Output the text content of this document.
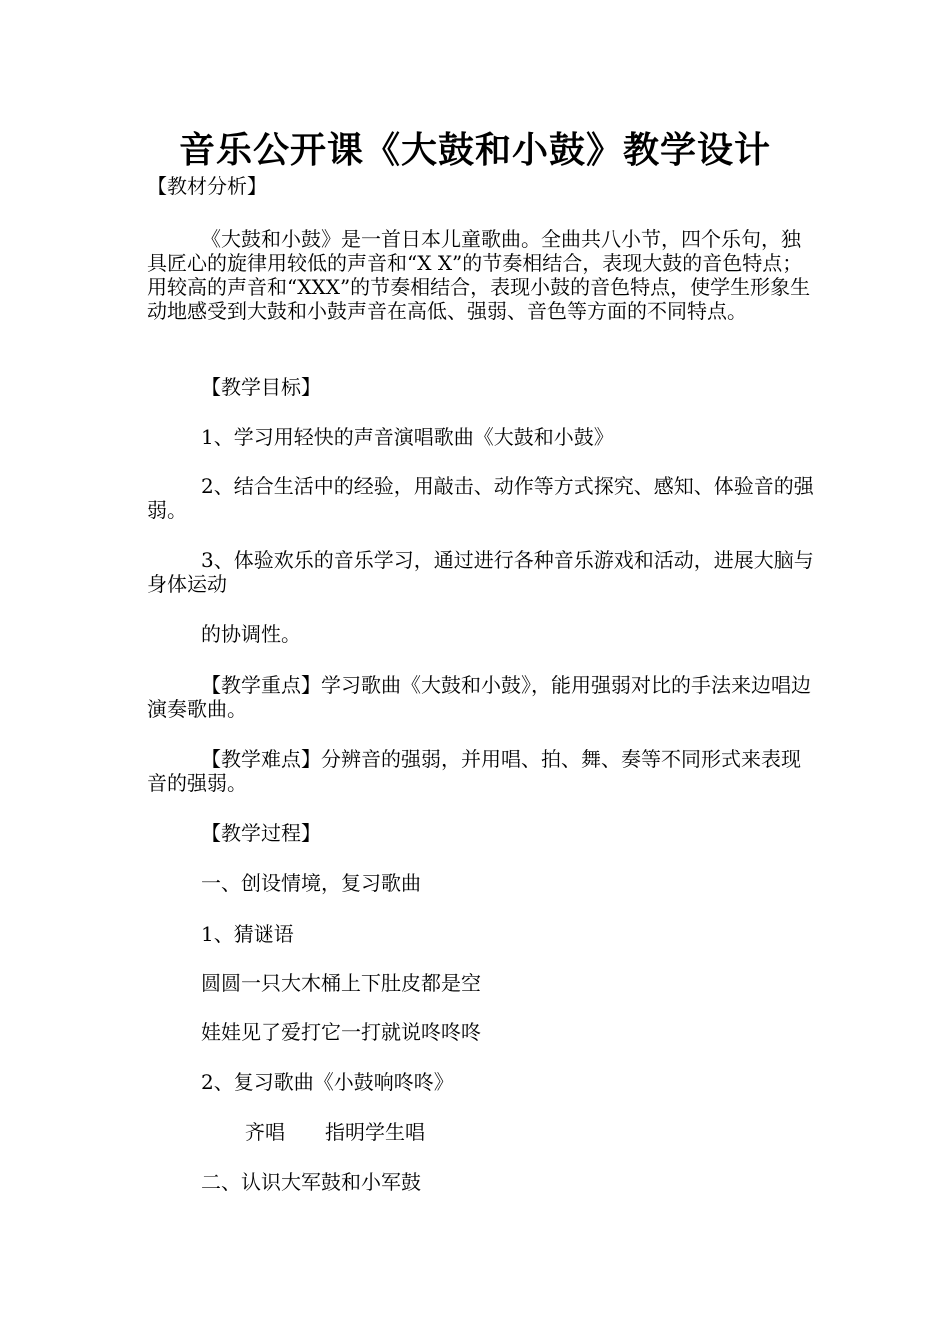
音乐公开课《大鼓和小鼓》教学设计

【教材分析】

《大鼓和小鼓》是一首日本儿童歌曲。全曲共八小节，四个乐句，独具匠心的旋律用较低的声音和“X X”的节奏相结合，表现大鼓的音色特点；用较高的声音和“XXX”的节奏相结合，表现小鼓的音色特点，使学生形象生动地感受到大鼓和小鼓声音在高低、强弱、音色等方面的不同特点。

【教学目标】

1、学习用轻快的声音演唱歌曲《大鼓和小鼓》

2、结合生活中的经验，用敲击、动作等方式探究、感知、体验音的强弱。

3、体验欢乐的音乐学习，通过进行各种音乐游戏和活动，进展大脑与身体运动

的协调性。

【教学重点】学习歌曲《大鼓和小鼓》，能用强弱对比的手法来边唱边演奏歌曲。

【教学难点】分辨音的强弱，并用唱、拍、舞、奏等不同形式来表现音的强弱。

【教学过程】

一、创设情境，复习歌曲

1、猜谜语

圆圆一只大木桶上下肚皮都是空

娃娃见了爱打它一打就说咚咚咚

2、复习歌曲《小鼓响咚咚》

齐唱　　指明学生唱

二、认识大军鼓和小军鼓
